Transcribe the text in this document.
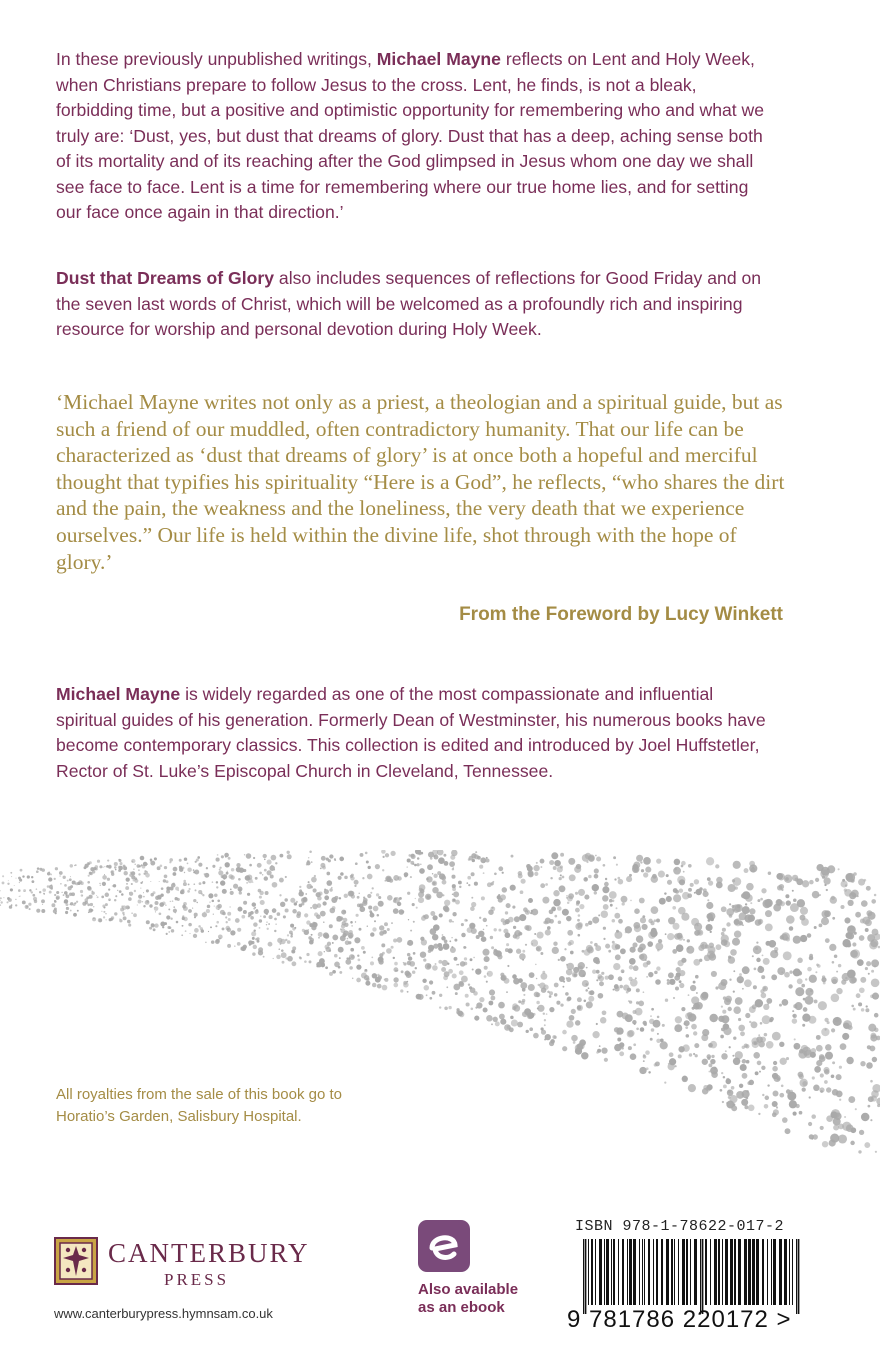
In these previously unpublished writings, Michael Mayne reflects on Lent and Holy Week, when Christians prepare to follow Jesus to the cross. Lent, he finds, is not a bleak, forbidding time, but a positive and optimistic opportunity for remembering who and what we truly are: ‘Dust, yes, but dust that dreams of glory. Dust that has a deep, aching sense both of its mortality and of its reaching after the God glimpsed in Jesus whom one day we shall see face to face. Lent is a time for remembering where our true home lies, and for setting our face once again in that direction.’

Dust that Dreams of Glory also includes sequences of reflections for Good Friday and on the seven last words of Christ, which will be welcomed as a profoundly rich and inspiring resource for worship and personal devotion during Holy Week.

‘Michael Mayne writes not only as a priest, a theologian and a spiritual guide, but as such a friend of our muddled, often contradictory humanity. That our life can be characterized as ‘dust that dreams of glory’ is at once both a hopeful and merciful thought that typifies his spirituality “Here is a God”, he reflects, “who shares the dirt and the pain, the weakness and the loneliness, the very death that we experience ourselves.” Our life is held within the divine life, shot through with the hope of glory.’

From the Foreword by Lucy Winkett

Michael Mayne is widely regarded as one of the most compassionate and influential spiritual guides of his generation. Formerly Dean of Westminster, his numerous books have become contemporary classics. This collection is edited and introduced by Joel Huffstetler, Rector of St. Luke’s Episcopal Church in Cleveland, Tennessee.

All royalties from the sale of this book go to Horatio’s Garden, Salisbury Hospital.
CANTERBURY
PRESS
www.canterburypress.hymnsam.co.uk
Also available
as an ebook
ISBN 978-1-78622-017-2
9 781786 220172 >
